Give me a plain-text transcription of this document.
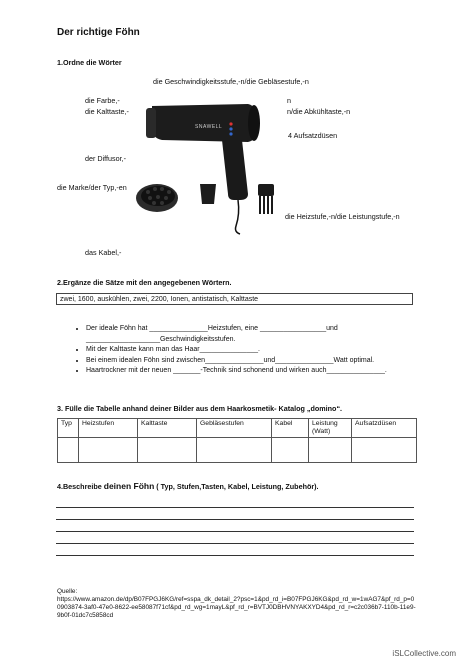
Der richtige Föhn
1.Ordne die Wörter
die Geschwindigkeitsstufe,-n/die Gebläsestufe,-n
die Farbe,-	n
die Kalttaste,-	n/die Abkühltaste,-n
4 Aufsatzdüsen
der Diffusor,-
die Marke/der Typ,-en
die Heizstufe,-n/die Leistungstufe,-n
das Kabel,-
SNAWELL
2.Ergänze die Sätze mit den angegebenen Wörtern.
zwei, 1600, auskühlen, zwei, 2200, Ionen, antistatisch, Kalttaste
• Der ideale Föhn hat _______________Heizstufen, eine _________________und ___________________Geschwindigkeitsstufen.
• Mit der Kalttaste kann man das Haar_______________.
• Bei einem idealen Föhn sind zwischen_______________und_______________Watt optimal.
• Haartrockner mit der neuen _______-Technik sind schonend und wirken auch_______________.
3. Fülle die Tabelle anhand deiner Bilder aus dem Haarkosmetik- Katalog „domino“.
Typ	Heizstufen	Kalttaste	Gebläsestufen	Kabel	Leistung (Watt)	Aufsatzdüsen

4.Beschreibe deinen Föhn ( Typ, Stufen,Tasten, Kabel, Leistung, Zubehör).
Quelle:
https://www.amazon.de/dp/B07FPGJ6KG/ref=sspa_dk_detail_2?psc=1&pd_rd_i=B07FPGJ6KG&pd_rd_w=1wAG7&pf_rd_p=00903874-3af0-47e0-8622-ee58087f71cf&pd_rd_wg=1mayL&pf_rd_r=BVTJ0DBHVNYAKXYD4&pd_rd_r=c2c036b7-110b-11e9-9b0f-01dc7c5858cd
iSLCollective.com
